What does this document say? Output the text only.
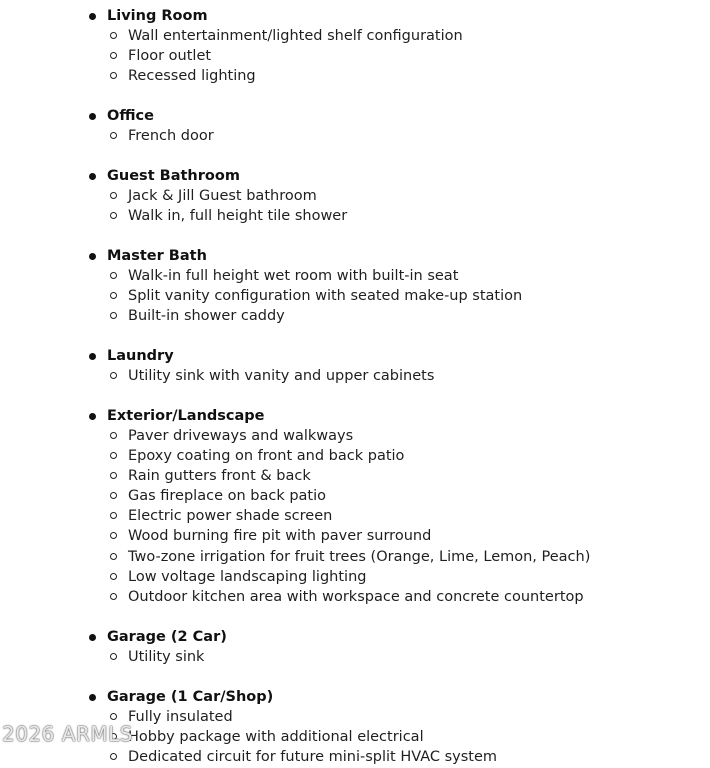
Living Room
Wall entertainment/lighted shelf configuration
Floor outlet
Recessed lighting
Office
French door
Guest Bathroom
Jack & Jill Guest bathroom
Walk in, full height tile shower
Master Bath
Walk-in full height wet room with built-in seat
Split vanity configuration with seated make-up station
Built-in shower caddy
Laundry
Utility sink with vanity and upper cabinets
Exterior/Landscape
Paver driveways and walkways
Epoxy coating on front and back patio
Rain gutters front & back
Gas fireplace on back patio
Electric power shade screen
Wood burning fire pit with paver surround
Two-zone irrigation for fruit trees (Orange, Lime, Lemon, Peach)
Low voltage landscaping lighting
Outdoor kitchen area with workspace and concrete countertop
Garage (2 Car)
Utility sink
Garage (1 Car/Shop)
Fully insulated
Hobby package with additional electrical
Dedicated circuit for future mini-split HVAC system
2026 ARMLS
